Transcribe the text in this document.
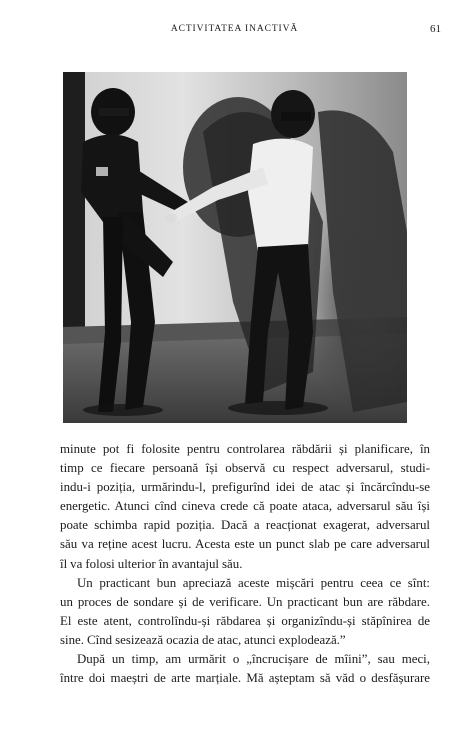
ACTIVITATEA INACTIVĂ	61

minute pot fi folosite pentru controlarea răbdării și planificare, în
timp ce fiecare persoană își observă cu respect adversarul, studi-
indu-i poziția, urmărindu-l, prefigurînd idei de atac și încărcîndu-se
energetic. Atunci cînd cineva crede că poate ataca, adversarul său își
poate schimba rapid poziția. Dacă a reacționat exagerat, adversarul
său va reține acest lucru. Acesta este un punct slab pe care adversarul
îl va folosi ulterior în avantajul său.

Un practicant bun apreciază aceste mișcări pentru ceea ce sînt:
un proces de sondare și de verificare. Un practicant bun are răbdare.
El este atent, controlîndu-și răbdarea și organizîndu-și stăpînirea de
sine. Cînd sesizează ocazia de atac, atunci explodează.”

După un timp, am urmărit o „încrucișare de mîini”, sau meci,
între doi maeștri de arte marțiale. Mă așteptam să văd o desfășurare
